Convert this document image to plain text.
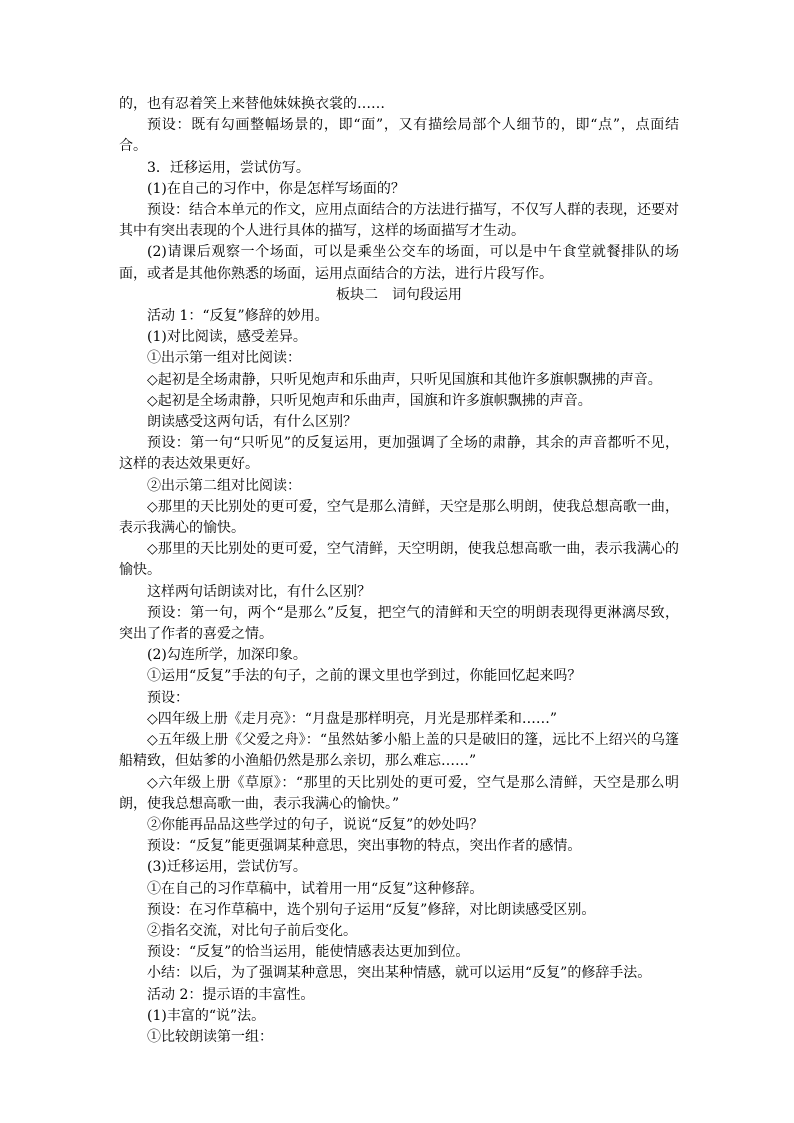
的，也有忍着笑上来替他妹妹换衣裳的……
预设：既有勾画整幅场景的，即“面”，又有描绘局部个人细节的，即“点”，点面结合。
3．迁移运用，尝试仿写。
(1)在自己的习作中，你是怎样写场面的？
预设：结合本单元的作文，应用点面结合的方法进行描写，不仅写人群的表现，还要对其中有突出表现的个人进行具体的描写，这样的场面描写才生动。
(2)请课后观察一个场面，可以是乘坐公交车的场面，可以是中午食堂就餐排队的场面，或者是其他你熟悉的场面，运用点面结合的方法，进行片段写作。
板块二　词句段运用
活动 1：“反复”修辞的妙用。
(1)对比阅读，感受差异。
①出示第一组对比阅读：
◇起初是全场肃静，只听见炮声和乐曲声，只听见国旗和其他许多旗帜飘拂的声音。
◇起初是全场肃静，只听见炮声和乐曲声，国旗和许多旗帜飘拂的声音。
朗读感受这两句话，有什么区别？
预设：第一句“只听见”的反复运用，更加强调了全场的肃静，其余的声音都听不见，这样的表达效果更好。
②出示第二组对比阅读：
◇那里的天比别处的更可爱，空气是那么清鲜，天空是那么明朗，使我总想高歌一曲，表示我满心的愉快。
◇那里的天比别处的更可爱，空气清鲜，天空明朗，使我总想高歌一曲，表示我满心的愉快。
这样两句话朗读对比，有什么区别？
预设：第一句，两个“是那么”反复，把空气的清鲜和天空的明朗表现得更淋漓尽致，突出了作者的喜爱之情。
(2)勾连所学，加深印象。
①运用“反复”手法的句子，之前的课文里也学到过，你能回忆起来吗？
预设：
◇四年级上册《走月亮》：“月盘是那样明亮，月光是那样柔和……”
◇五年级上册《父爱之舟》：“虽然姑爹小船上盖的只是破旧的篷，远比不上绍兴的乌篷船精致，但姑爹的小渔船仍然是那么亲切，那么难忘……”
◇六年级上册《草原》：“那里的天比别处的更可爱，空气是那么清鲜，天空是那么明朗，使我总想高歌一曲，表示我满心的愉快。”
②你能再品品这些学过的句子，说说“反复”的妙处吗？
预设：“反复”能更强调某种意思，突出事物的特点，突出作者的感情。
(3)迁移运用，尝试仿写。
①在自己的习作草稿中，试着用一用“反复”这种修辞。
预设：在习作草稿中，选个别句子运用“反复”修辞，对比朗读感受区别。
②指名交流，对比句子前后变化。
预设：“反复”的恰当运用，能使情感表达更加到位。
小结：以后，为了强调某种意思，突出某种情感，就可以运用“反复”的修辞手法。
活动 2：提示语的丰富性。
(1)丰富的“说”法。
①比较朗读第一组：
